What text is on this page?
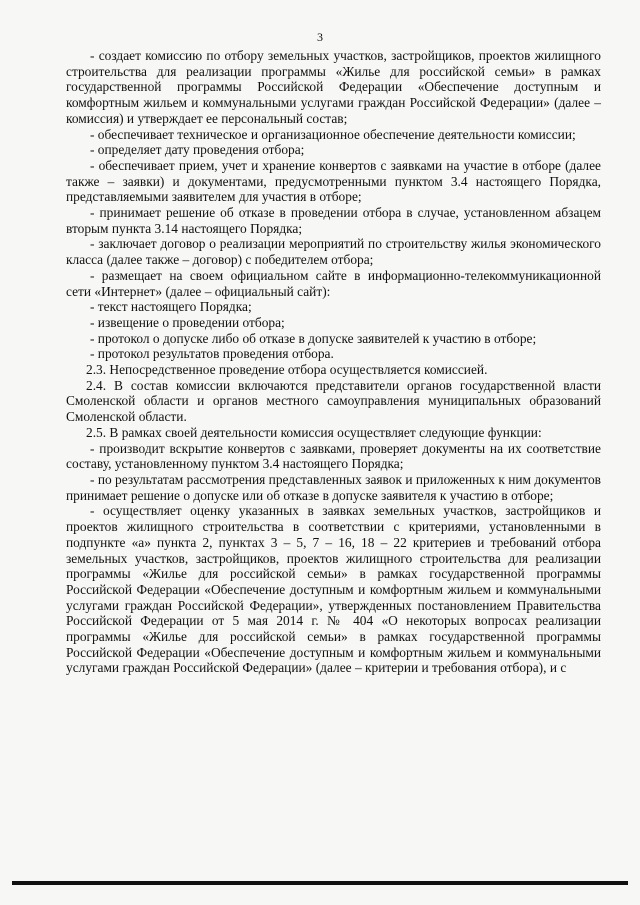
3

- создает комиссию по отбору земельных участков, застройщиков, проектов жилищного строительства для реализации программы «Жилье для российской семьи» в рамках государственной программы Российской Федерации «Обеспечение доступным и комфортным жильем и коммунальными услугами граждан Российской Федерации» (далее – комиссия) и утверждает ее персональный состав;

- обеспечивает техническое и организационное обеспечение деятельности комиссии;

- определяет дату проведения отбора;

- обеспечивает прием, учет и хранение конвертов с заявками на участие в отборе (далее также – заявки) и документами, предусмотренными пунктом 3.4 настоящего Порядка, представляемыми заявителем для участия в отборе;

- принимает решение об отказе в проведении отбора в случае, установленном абзацем вторым пункта 3.14 настоящего Порядка;

- заключает договор о реализации мероприятий по строительству жилья экономического класса (далее также – договор) с победителем отбора;

- размещает на своем официальном сайте в информационно-телекоммуникационной сети «Интернет» (далее – официальный сайт):

- текст настоящего Порядка;

- извещение о проведении отбора;

- протокол о допуске либо об отказе в допуске заявителей к участию в отборе;

- протокол результатов проведения отбора.

2.3. Непосредственное проведение отбора осуществляется комиссией.

2.4. В состав комиссии включаются представители органов государственной власти Смоленской области и органов местного самоуправления муниципальных образований Смоленской области.

2.5. В рамках своей деятельности комиссия осуществляет следующие функции:

- производит вскрытие конвертов с заявками, проверяет документы на их соответствие составу, установленному пунктом 3.4 настоящего Порядка;

- по результатам рассмотрения представленных заявок и приложенных к ним документов принимает решение о допуске или об отказе в допуске заявителя к участию в отборе;

- осуществляет оценку указанных в заявках земельных участков, застройщиков и проектов жилищного строительства в соответствии с критериями, установленными в подпункте «а» пункта 2, пунктах 3 – 5, 7 – 16, 18 – 22 критериев и требований отбора земельных участков, застройщиков, проектов жилищного строительства для реализации программы «Жилье для российской семьи» в рамках государственной программы Российской Федерации «Обеспечение доступным и комфортным жильем и коммунальными услугами граждан Российской Федерации», утвержденных постановлением Правительства Российской Федерации от 5 мая 2014 г. № 404 «О некоторых вопросах реализации программы «Жилье для российской семьи» в рамках государственной программы Российской Федерации «Обеспечение доступным и комфортным жильем и коммунальными услугами граждан Российской Федерации» (далее – критерии и требования отбора), и с
